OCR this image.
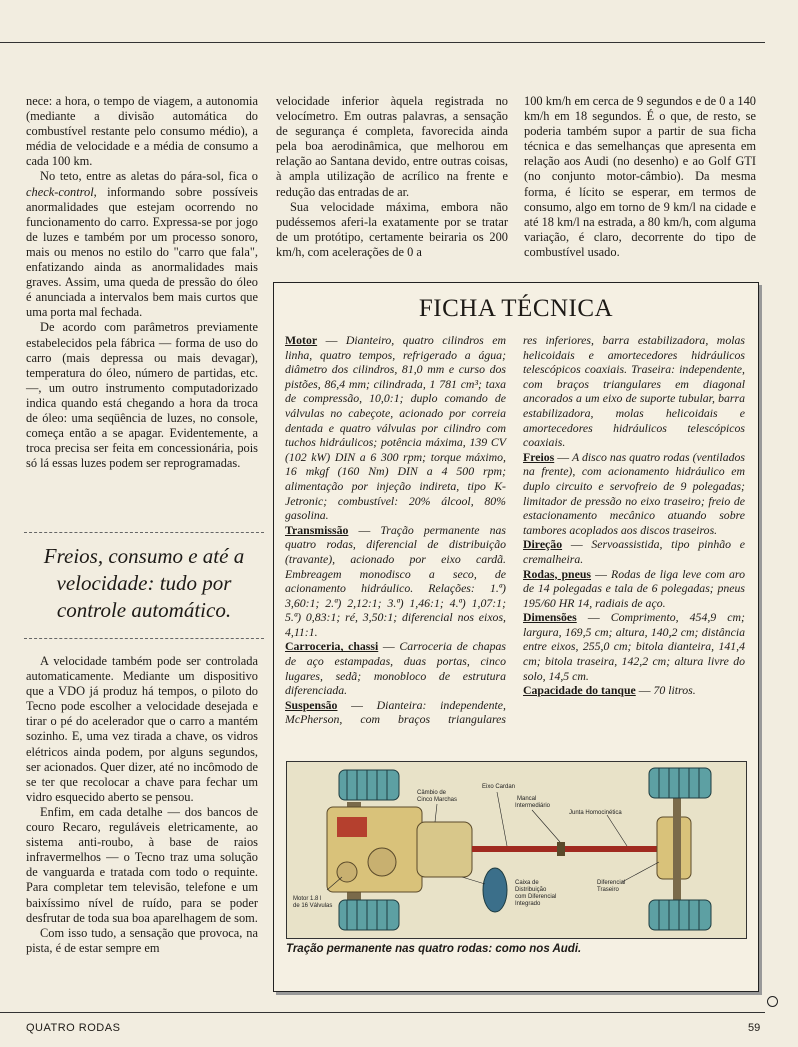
nece: a hora, o tempo de viagem, a autonomia (mediante a divisão automática do combustível restante pelo consumo médio), a média de velocidade e a média de consumo a cada 100 km.

No teto, entre as aletas do pára-sol, fica o check-control, informando sobre possíveis anormalidades que estejam ocorrendo no funcionamento do carro. Expressa-se por jogo de luzes e também por um processo sonoro, mais ou menos no estilo do "carro que fala", enfatizando ainda as anormalidades mais graves. Assim, uma queda de pressão do óleo é anunciada a intervalos bem mais curtos que uma porta mal fechada.

De acordo com parâmetros previamente estabelecidos pela fábrica — forma de uso do carro (mais depressa ou mais devagar), temperatura do óleo, número de partidas, etc. —, um outro instrumento computadorizado indica quando está chegando a hora da troca de óleo: uma seqüência de luzes, no console, começa então a se apagar. Evidentemente, a troca precisa ser feita em concessionária, pois só lá essas luzes podem ser reprogramadas.

Freios, consumo e até a velocidade: tudo por controle automático.

A velocidade também pode ser controlada automaticamente. Mediante um dispositivo que a VDO já produz há tempos, o piloto do Tecno pode escolher a velocidade desejada e tirar o pé do acelerador que o carro a mantém sozinho. E, uma vez tirada a chave, os vidros elétricos ainda podem, por alguns segundos, ser acionados. Quer dizer, até no incômodo de se ter que recolocar a chave para fechar um vidro esquecido aberto se pensou.

Enfim, em cada detalhe — dos bancos de couro Recaro, reguláveis eletricamente, ao sistema anti-roubo, à base de raios infravermelhos — o Tecno traz uma solução de vanguarda e tratada com todo o requinte. Para completar tem televisão, telefone e um baixíssimo nível de ruído, para se poder desfrutar de toda sua boa aparelhagem de som.

Com isso tudo, a sensação que provoca, na pista, é de estar sempre em

velocidade inferior àquela registrada no velocímetro. Em outras palavras, a sensação de segurança é completa, favorecida ainda pela boa aerodinâmica, que melhorou em relação ao Santana devido, entre outras coisas, à ampla utilização de acrílico na frente e redução das entradas de ar.

Sua velocidade máxima, embora não pudéssemos aferi-la exatamente por se tratar de um protótipo, certamente beiraria os 200 km/h, com acelerações de 0 a

100 km/h em cerca de 9 segundos e de 0 a 140 km/h em 18 segundos. É o que, de resto, se poderia também supor a partir de sua ficha técnica e das semelhanças que apresenta em relação aos Audi (no desenho) e ao Golf GTI (no conjunto motor-câmbio). Da mesma forma, é lícito se esperar, em termos de consumo, algo em torno de 9 km/l na cidade e até 18 km/l na estrada, a 80 km/h, com alguma variação, é claro, decorrente do tipo de combustível usado.

FICHA TÉCNICA

Motor — Dianteiro, quatro cilindros em linha, quatro tempos, refrigerado a água; diâmetro dos cilindros, 81,0 mm e curso dos pistões, 86,4 mm; cilindrada, 1 781 cm³; taxa de compressão, 10,0:1; duplo comando de válvulas no cabeçote, acionado por correia dentada e quatro válvulas por cilindro com tuchos hidráulicos; potência máxima, 139 CV (102 kW) DIN a 6 300 rpm; torque máximo, 16 mkgf (160 Nm) DIN a 4 500 rpm; alimentação por injeção indireta, tipo K-Jetronic; combustível: 20% álcool, 80% gasolina.

Transmissão — Tração permanente nas quatro rodas, diferencial de distribuição (travante), acionado por eixo cardã. Embreagem monodisco a seco, de acionamento hidráulico. Relações: 1.ª) 3,60:1; 2.ª) 2,12:1; 3.ª) 1,46:1; 4.ª) 1,07:1; 5.ª) 0,83:1; ré, 3,50:1; diferencial nos eixos, 4,11:1.

Carroceria, chassi — Carroceria de chapas de aço estampadas, duas portas, cinco lugares, sedã; monobloco de estrutura diferenciada.

Suspensão — Dianteira: independente, McPherson, com braços triangulares

res inferiores, barra estabilizadora, molas helicoidais e amortecedores hidráulicos telescópicos coaxiais. Traseira: independente, com braços triangulares em diagonal ancorados a um eixo de suporte tubular, barra estabilizadora, molas helicoidais e amortecedores hidráulicos telescópicos coaxiais.

Freios — A disco nas quatro rodas (ventilados na frente), com acionamento hidráulico em duplo circuito e servofreio de 9 polegadas; limitador de pressão no eixo traseiro; freio de estacionamento mecânico atuando sobre tambores acoplados aos discos traseiros.

Direção — Servoassistida, tipo pinhão e cremalheira.

Rodas, pneus — Rodas de liga leve com aro de 14 polegadas e tala de 6 polegadas; pneus 195/60 HR 14, radiais de aço.

Dimensões — Comprimento, 454,9 cm; largura, 169,5 cm; altura, 140,2 cm; distância entre eixos, 255,0 cm; bitola dianteira, 141,4 cm; bitola traseira, 142,2 cm; altura livre do solo, 14,5 cm.

Capacidade do tanque — 70 litros.

Câmbio de
Cinco Marchas
Eixo Cardan
Mancal
Intermediário
Junta Homocinética
Caixa de
Distribuição
com Diferencial
Integrado
Diferencial
Traseiro
Motor 1.8 l
de 16 Válvulas
Tração permanente nas quatro rodas: como nos Audi.
QUATRO RODAS	59
